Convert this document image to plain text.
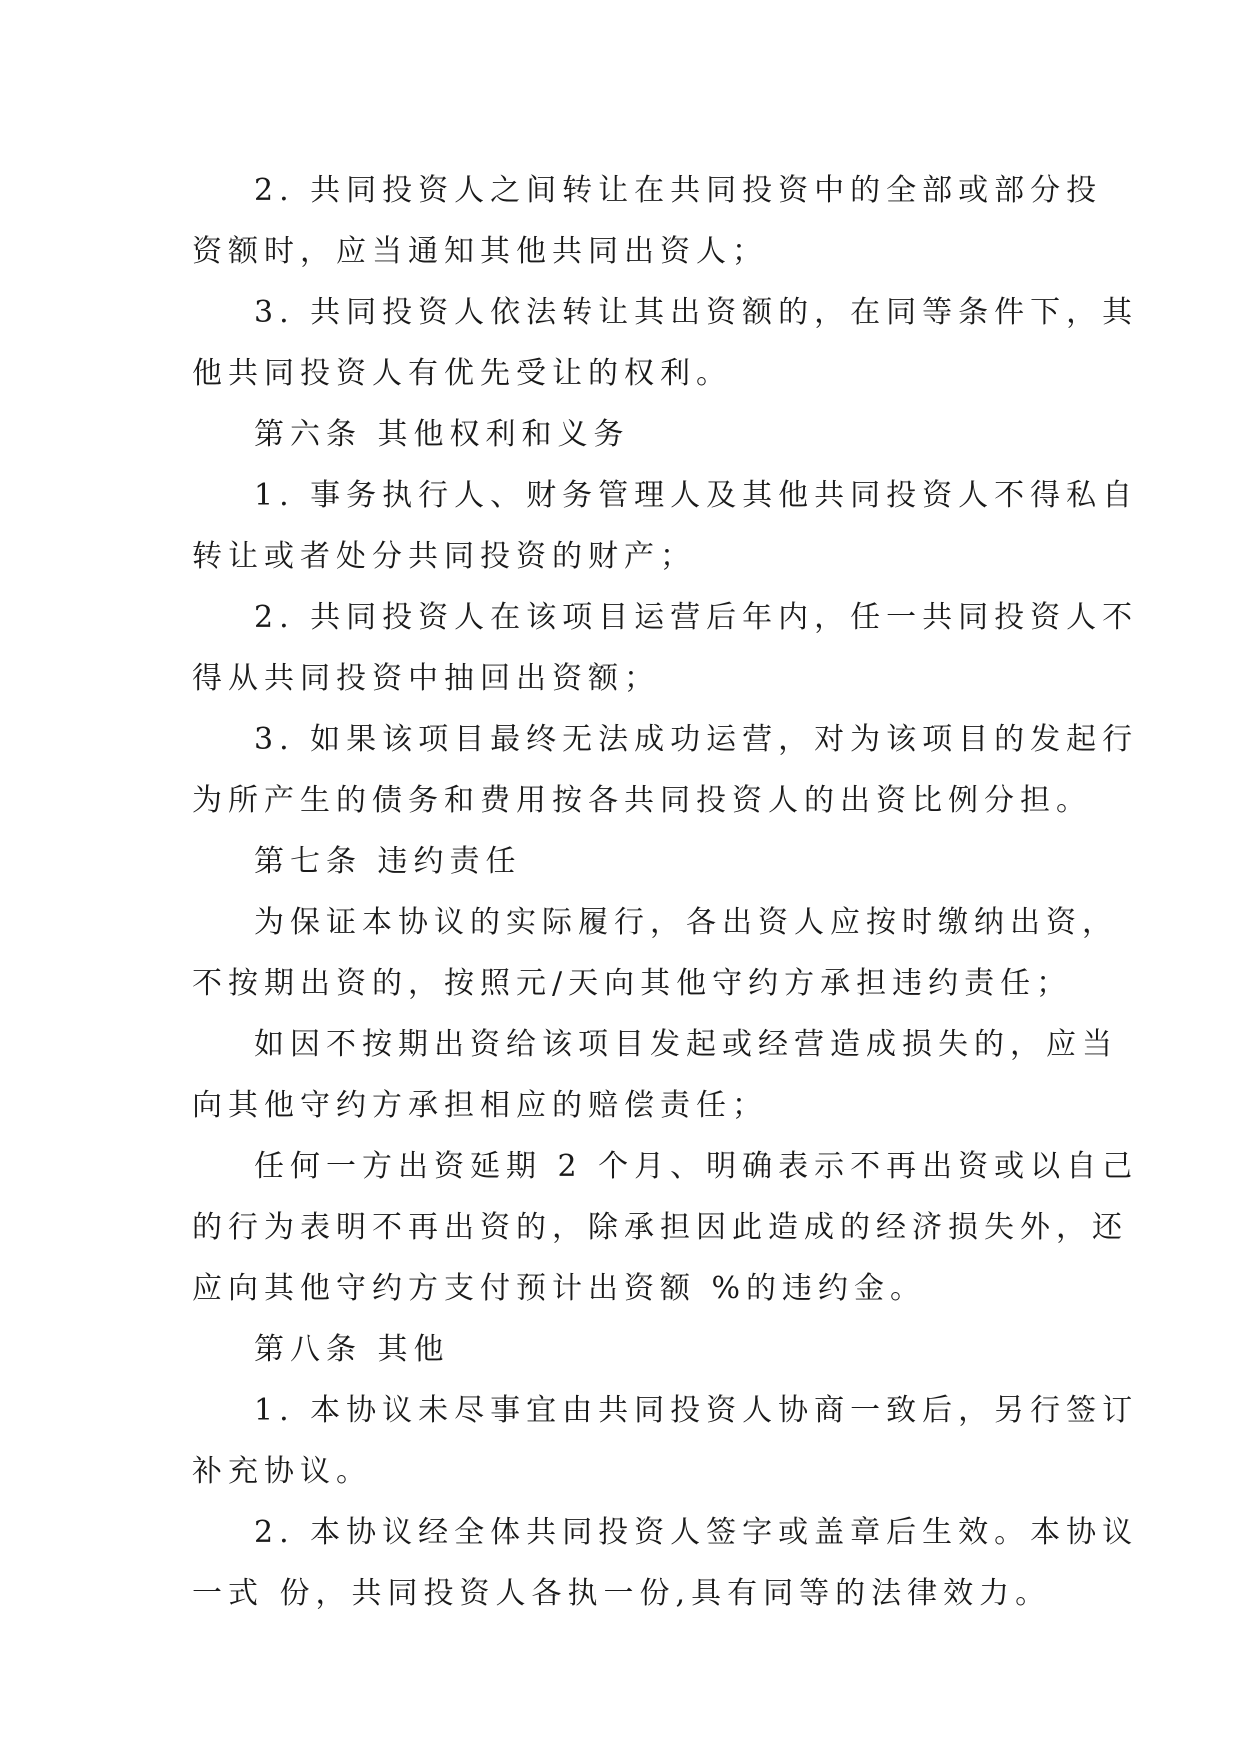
2. 共同投资人之间转让在共同投资中的全部或部分投
资额时，应当通知其他共同出资人；
3. 共同投资人依法转让其出资额的，在同等条件下，其
他共同投资人有优先受让的权利。
第六条 其他权利和义务
1. 事务执行人、财务管理人及其他共同投资人不得私自
转让或者处分共同投资的财产；
2. 共同投资人在该项目运营后年内，任一共同投资人不
得从共同投资中抽回出资额；
3. 如果该项目最终无法成功运营，对为该项目的发起行
为所产生的债务和费用按各共同投资人的出资比例分担。
第七条 违约责任
为保证本协议的实际履行，各出资人应按时缴纳出资，
不按期出资的，按照元/天向其他守约方承担违约责任；
如因不按期出资给该项目发起或经营造成损失的，应当
向其他守约方承担相应的赔偿责任；
任何一方出资延期 2 个月、明确表示不再出资或以自己
的行为表明不再出资的，除承担因此造成的经济损失外，还
应向其他守约方支付预计出资额 %的违约金。
第八条 其他
1. 本协议未尽事宜由共同投资人协商一致后，另行签订
补充协议。
2. 本协议经全体共同投资人签字或盖章后生效。本协议
一式 份，共同投资人各执一份,具有同等的法律效力。
